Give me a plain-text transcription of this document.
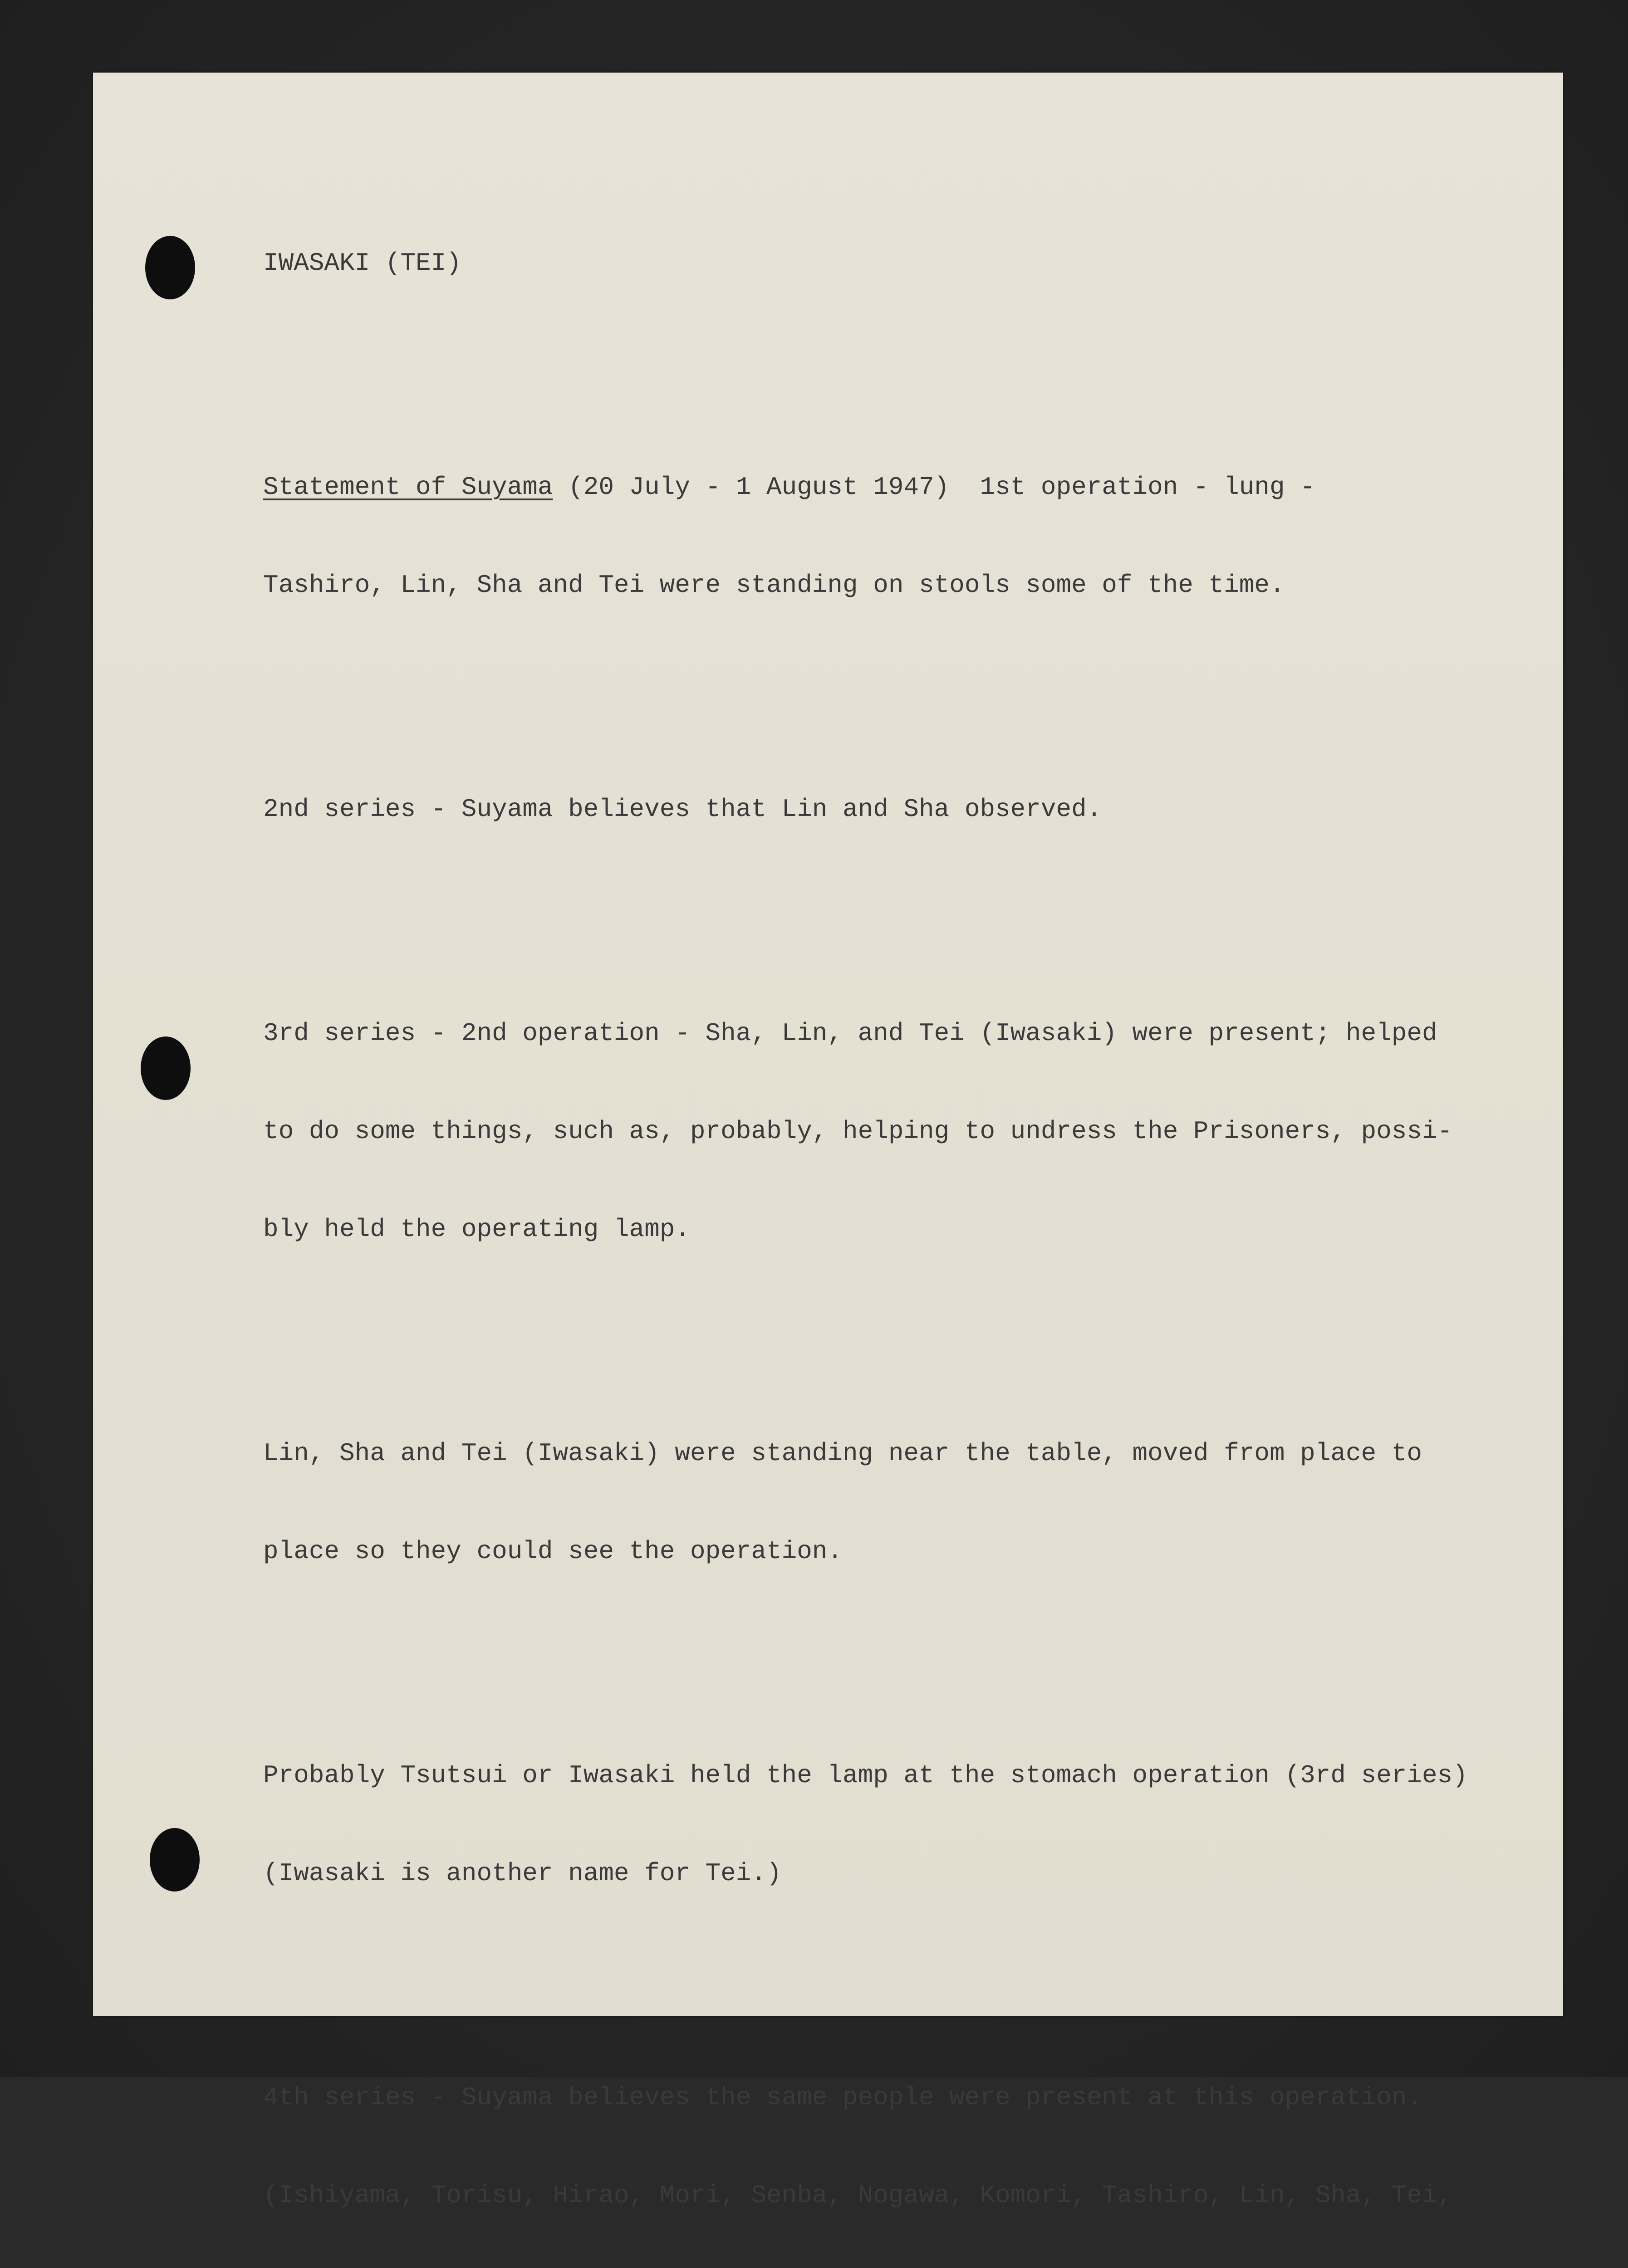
IWASAKI (TEI)

Statement of Suyama (20 July - 1 August 1947)  1st operation - lung -

Tashiro, Lin, Sha and Tei were standing on stools some of the time.

2nd series - Suyama believes that Lin and Sha observed.

3rd series - 2nd operation - Sha, Lin, and Tei (Iwasaki) were present; helped

to do some things, such as, probably, helping to undress the Prisoners, possi-

bly held the operating lamp.

Lin, Sha and Tei (Iwasaki) were standing near the table, moved from place to

place so they could see the operation.

Probably Tsutsui or Iwasaki held the lamp at the stomach operation (3rd series)

(Iwasaki is another name for Tei.)

4th series - Suyama believes the same people were present at this operation.

(Ishiyama, Torisu, Hirao, Mori, Senba, Nogawa, Komori, Tashiro, Lin, Sha, Tei,
